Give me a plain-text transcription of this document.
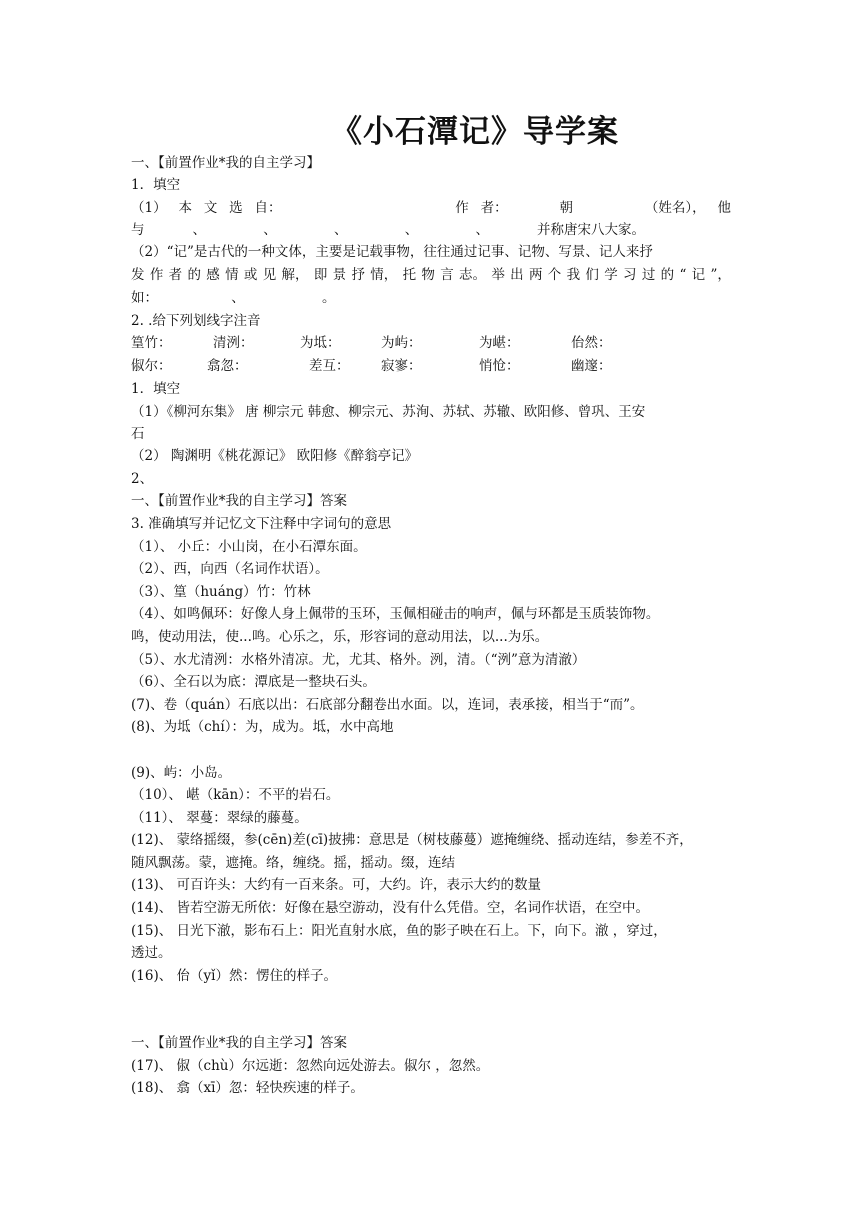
《小石潭记》导学案
一、【前置作业*我的自主学习】
1．填空
（1） 本 文 选 自：	作 者：	朝	（姓名）， 他
与	、	、	、	、	、	并称唐宋八大家。
（2）“记”是古代的一种文体，主要是记载事物，往往通过记事、记物、写景、记人来抒
发 作 者 的 感 情 或 见 解， 即 景 抒 情， 托 物 言 志。 举 出 两 个 我 们 学 习 过 的 “ 记 ”，
如：	、	。
2. .给下列划线字注音
篁竹：	清洌：	为坻：	为屿：	为嵁：	佁然：
俶尔：	翕忽：	差互： 寂寥：	悄怆：	幽邃：
1．填空
（1）《柳河东集》 唐 柳宗元 韩愈、柳宗元、苏洵、苏轼、苏辙、欧阳修、曾巩、王安
石
（2） 陶渊明《桃花源记》 欧阳修《醉翁亭记》
2、
一、【前置作业*我的自主学习】答案
3. 准确填写并记忆文下注释中字词句的意思
（1）、 小丘：小山岗，在小石潭东面。
（2）、西，向西（名词作状语）。
（3）、篁（huáng）竹：竹林
（4）、如鸣佩环：好像人身上佩带的玉环，玉佩相碰击的响声，佩与环都是玉质装饰物。
鸣，使动用法，使...鸣。心乐之，乐，形容词的意动用法，以...为乐。
（5）、水尤清洌：水格外清凉。尤，尤其、格外。洌，清。（“洌”意为清澈）
（6）、全石以为底：潭底是一整块石头。
(7)、卷（quán）石底以出：石底部分翻卷出水面。以，连词，表承接，相当于“而”。
(8)、为坻（chí）：为，成为。坻，水中高地
(9)、屿：小岛。
（10）、 嵁（kān）：不平的岩石。
（11）、 翠蔓：翠绿的藤蔓。
(12)、 蒙络摇缀，参(cēn)差(cī)披拂：意思是（树枝藤蔓）遮掩缠绕、摇动连结，参差不齐，
随风飘荡。蒙，遮掩。络，缠绕。摇，摇动。缀，连结
(13)、 可百许头：大约有一百来条。可，大约。许，表示大约的数量
(14)、 皆若空游无所依：好像在悬空游动，没有什么凭借。空，名词作状语，在空中。
(15)、 日光下澈，影布石上：阳光直射水底，鱼的影子映在石上。下，向下。澈 ，穿过，
透过。
(16)、 佁（yǐ）然：愣住的样子。
一、【前置作业*我的自主学习】答案
(17)、 俶（chù）尔远逝：忽然向远处游去。俶尔 ，忽然。
(18)、 翕（xī）忽：轻快疾速的样子。
